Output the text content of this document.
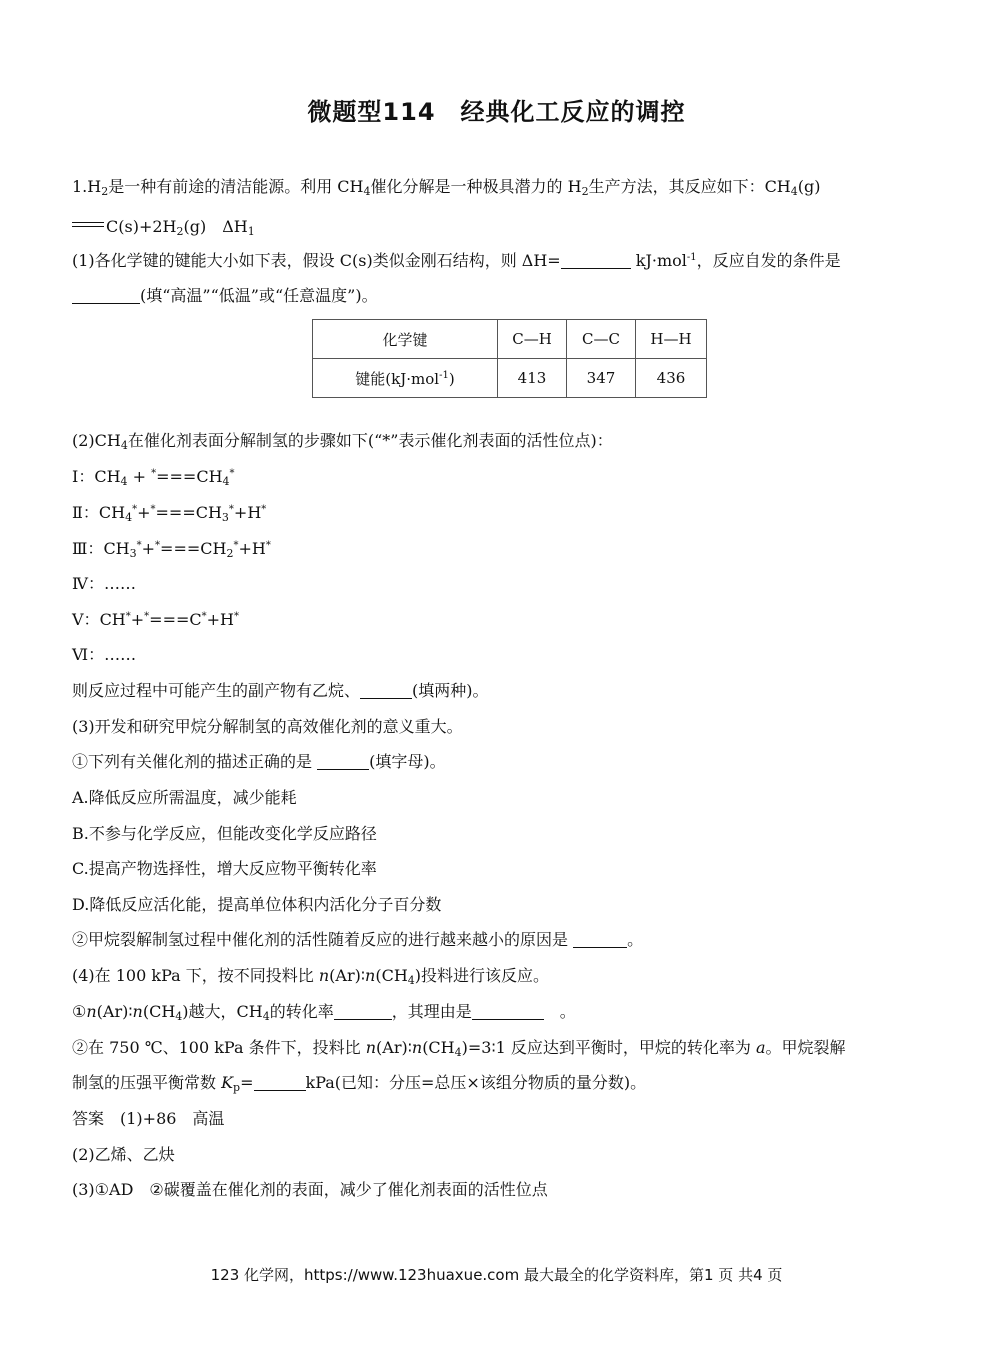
微题型114　经典化工反应的调控
$1.H_2$是一种有前途的清洁能源。利用 $CH_4$催化分解是一种极具潜力的 $H_2$生产方法，其反应如下：$CH_4(g)$
$C(s)+2H_2(g)$　$\Delta H_1$
(1)各化学键的键能大小如下表，假设 C(s)类似金刚石结构，则 ΔH=	kJ·mol$^{-1}$，反应自发的条件是
(填“高温”“低温”或“任意温度”)。
化学键	C—H	C—C	H—H
键能(kJ·mol$^{-1}$)	413	347	436
$(2)CH_4$在催化剂表面分解制氢的步骤如下(“*”表示催化剂表面的活性位点)：
Ⅰ：$CH_4 + ^*===CH_4^*$
Ⅱ：$CH_4^*+^*===CH_3^*+H^*$
Ⅲ：$CH_3^*+^*===CH_2^*+H^*$
Ⅳ：……
Ⅴ：CH*+*===C*+H*
Ⅵ：……
则反应过程中可能产生的副产物有乙烷、	(填两种)。
(3)开发和研究甲烷分解制氢的高效催化剂的意义重大。
①下列有关催化剂的描述正确的是	(填字母)。
A.降低反应所需温度，减少能耗
B.不参与化学反应，但能改变化学反应路径
C.提高产物选择性，增大反应物平衡转化率
D.降低反应活化能，提高单位体积内活化分子百分数
②甲烷裂解制氢过程中催化剂的活性随着反应的进行越来越小的原因是	。
(4)在 100 kPa 下，按不同投料比 $n(Ar)∶n(CH_4)$投料进行该反应。
$①n(Ar)∶n(CH_4)$越大，$CH_4$的转化率	，其理由是	　。
②在 750 ℃、100 kPa 条件下，投料比 $n(Ar)∶n(CH_4)=3∶1$ 反应达到平衡时，甲烷的转化率为 a。甲烷裂解
制氢的压强平衡常数 $K_p=$	kPa(已知：分压=总压×该组分物质的量分数)。
答案　(1)+86　高温
(2)乙烯、乙炔
(3)①AD　②碳覆盖在催化剂的表面，减少了催化剂表面的活性位点
123 化学网，https://www.123huaxue.com 最大最全的化学资料库，第1 页 共4 页
